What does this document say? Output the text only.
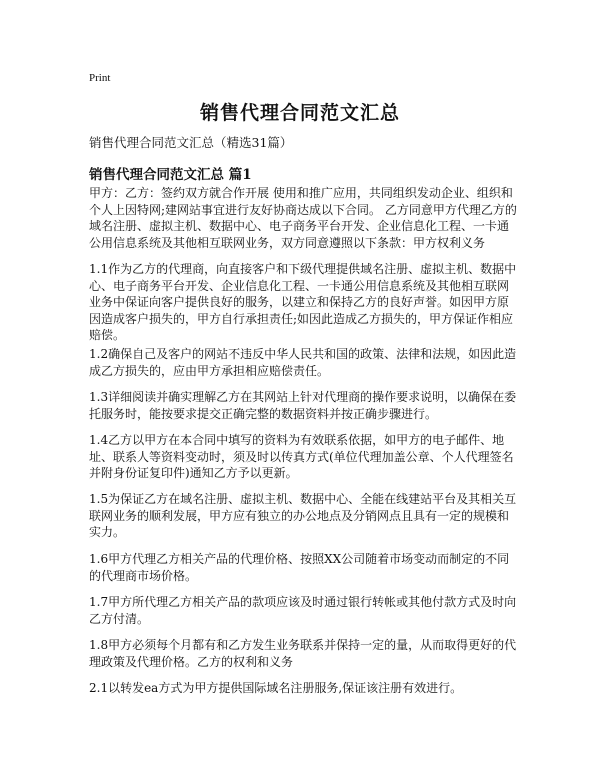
Print
销售代理合同范文汇总
销售代理合同范文汇总（精选31篇）
销售代理合同范文汇总 篇1
甲方：乙方：签约双方就合作开展 使用和推广应用，共同组织发动企业、组织和个人上因特网;建网站事宜进行友好协商达成以下合同。 乙方同意甲方代理乙方的域名注册、虚拟主机、数据中心、电子商务平台开发、企业信息化工程、一卡通公用信息系统及其他相互联网业务，双方同意遵照以下条款：甲方权利义务
1.1作为乙方的代理商，向直接客户和下级代理提供域名注册、虚拟主机、数据中心、电子商务平台开发、企业信息化工程、一卡通公用信息系统及其他相互联网业务中保证向客户提供良好的服务，以建立和保持乙方的良好声誉。如因甲方原因造成客户损失的，甲方自行承担责任;如因此造成乙方损失的，甲方保证作相应赔偿。
1.2确保自己及客户的网站不违反中华人民共和国的政策、法律和法规，如因此造成乙方损失的，应由甲方承担相应赔偿责任。
1.3详细阅读并确实理解乙方在其网站上针对代理商的操作要求说明，以确保在委托服务时，能按要求提交正确完整的数据资料并按正确步骤进行。
1.4乙方以甲方在本合同中填写的资料为有效联系依据，如甲方的电子邮件、地址、联系人等资料变动时，须及时以传真方式(单位代理加盖公章、个人代理签名并附身份证复印件)通知乙方予以更新。
1.5为保证乙方在域名注册、虚拟主机、数据中心、全能在线建站平台及其相关互联网业务的顺利发展，甲方应有独立的办公地点及分销网点且具有一定的规模和实力。
1.6甲方代理乙方相关产品的代理价格、按照XX公司随着市场变动而制定的不同的代理商市场价格。
1.7甲方所代理乙方相关产品的款项应该及时通过银行转帐或其他付款方式及时向乙方付清。
1.8甲方必须每个月都有和乙方发生业务联系并保持一定的量，从而取得更好的代理政策及代理价格。乙方的权利和义务
2.1以转发ea方式为甲方提供国际域名注册服务,保证该注册有效进行。
